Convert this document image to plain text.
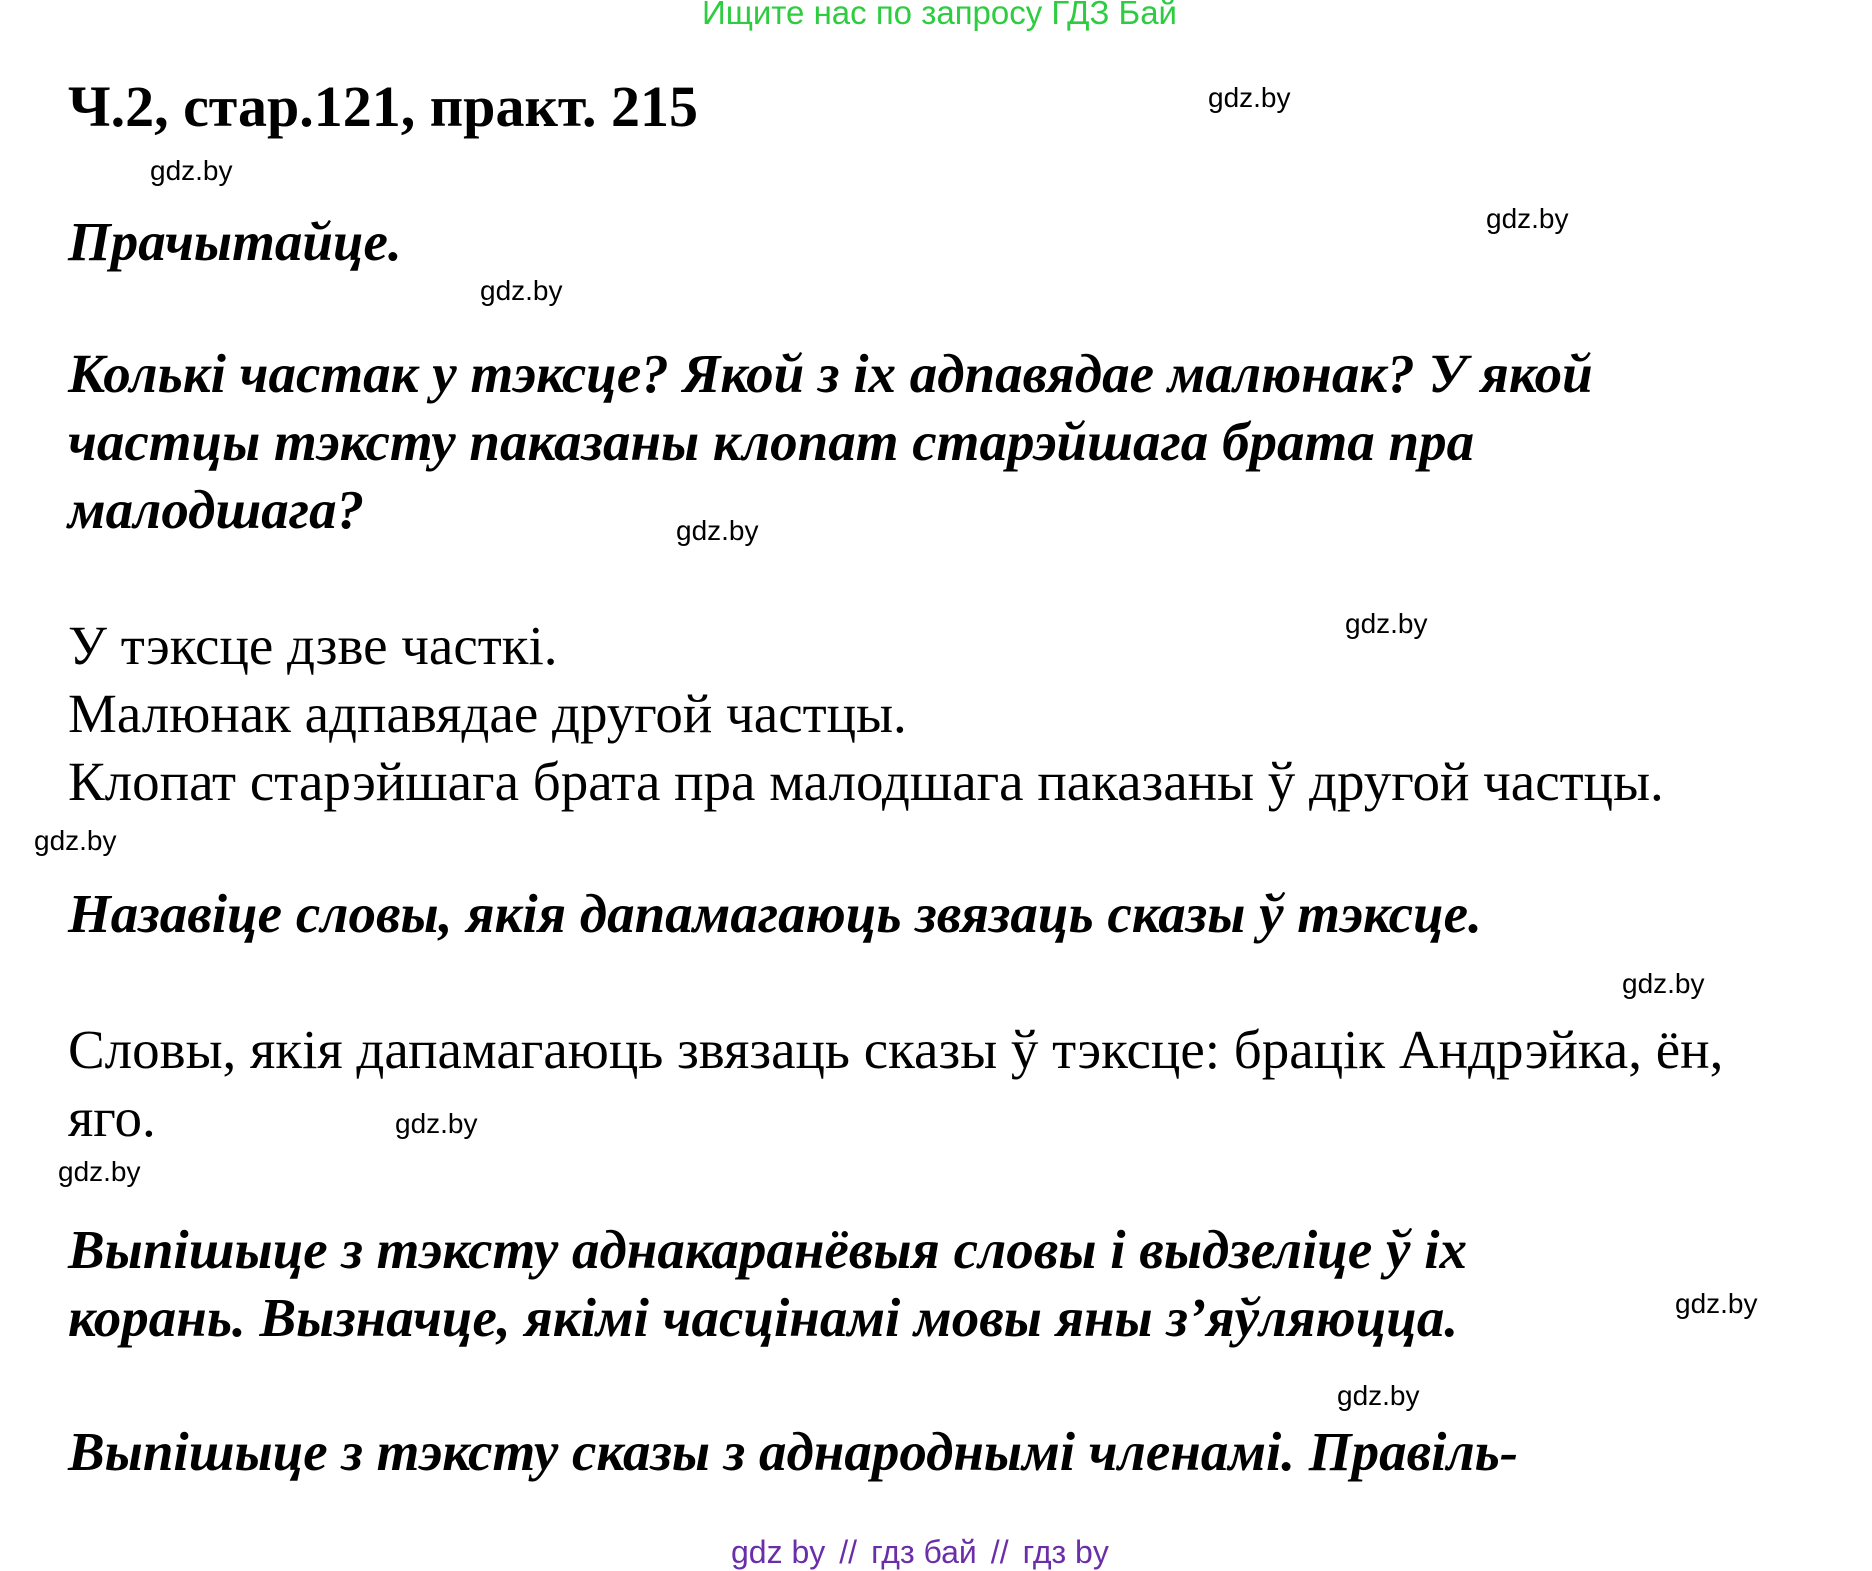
Ищите нас по запросу ГДЗ Бай
Ч.2, стар.121, практ. 215	gdz.by
gdz.by
Прачытайце.	gdz.by
gdz.by
Колькі частак у тэксце? Якой з іх адпавядае малюнак? У якой
частцы тэксту паказаны клопат старэйшага брата пра
малодшага?	gdz.by
gdz.by
У тэксце дзве часткі.
Малюнак адпавядае другой частцы.
Клопат старэйшага брата пра малодшага паказаны ў другой частцы.
gdz.by
Назавіце словы, якія дапамагаюць звязаць сказы ў тэксце.
gdz.by
Словы, якія дапамагаюць звязаць сказы ў тэксце: брацік Андрэйка, ён,
яго.	gdz.by
gdz.by
Выпішыце з тэксту аднакаранёвыя словы і выдзеліце ў іх
корань. Вызначце, якімі часцінамі мовы яны з’яўляюцца.	gdz.by
gdz.by
Выпішыце з тэксту сказы з аднароднымі членамі. Правіль-
gdz by // гдз бай // гдз by
